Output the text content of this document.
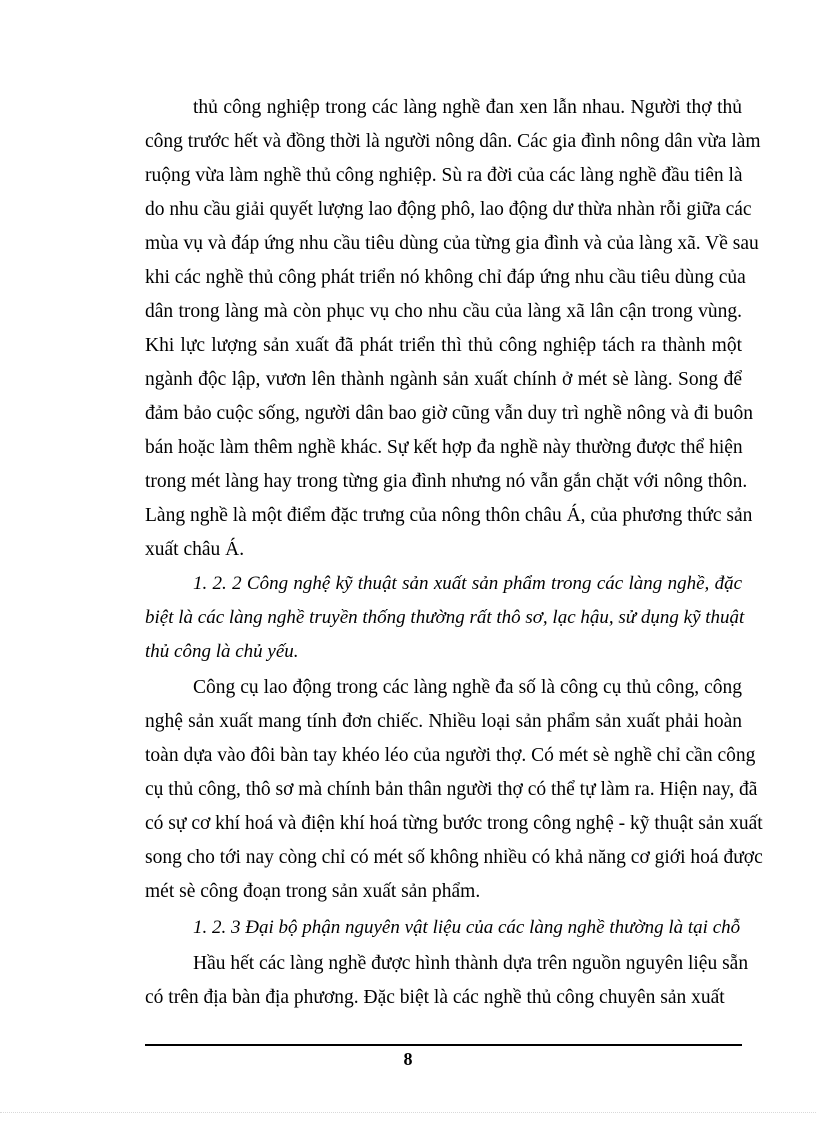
thủ công nghiệp trong các làng nghề đan xen lẫn nhau. Người thợ thủ
công trước hết và đồng thời là người nông dân. Các gia đình nông dân vừa làm
ruộng vừa làm nghề thủ công nghiệp. Sù ra đời của các làng nghề đầu tiên là
do nhu cầu giải quyết lượng lao động phô, lao động dư thừa nhàn rỗi giữa các
mùa vụ và đáp ứng nhu cầu tiêu dùng của từng gia đình và của làng xã. Về sau
khi các nghề thủ công phát triển nó không chỉ đáp ứng nhu cầu tiêu dùng của
dân trong làng mà còn phục vụ cho nhu cầu của làng xã lân cận trong vùng.
Khi lực lượng sản xuất đã phát triển thì thủ công nghiệp tách ra thành một
ngành độc lập, vươn lên thành ngành sản xuất chính ở mét sè làng. Song để
đảm bảo cuộc sống, người dân bao giờ cũng vẫn duy trì nghề nông và đi buôn
bán hoặc làm thêm nghề khác. Sự kết hợp đa nghề này thường được thể hiện
trong mét làng hay trong từng gia đình nhưng nó vẫn gắn chặt với nông thôn.
Làng nghề là một điểm đặc trưng của nông thôn châu Á, của phương thức sản
xuất châu Á.
1. 2. 2 Công nghệ kỹ thuật sản xuất sản phẩm trong các làng nghề, đặc
biệt là các làng nghề truyền thống thường rất thô sơ, lạc hậu, sử dụng kỹ thuật
thủ công là chủ yếu.
Công cụ lao động trong các làng nghề đa số là công cụ thủ công, công
nghệ sản xuất mang tính đơn chiếc. Nhiều loại sản phẩm sản xuất phải hoàn
toàn dựa vào đôi bàn tay khéo léo của người thợ. Có mét sè nghề chỉ cần công
cụ thủ công, thô sơ mà chính bản thân người thợ có thể tự làm ra. Hiện nay, đã
có sự cơ khí hoá và điện khí hoá từng bước trong công nghệ - kỹ thuật sản xuất
song cho tới nay còng chỉ có mét số không nhiều có khả năng cơ giới hoá được
mét sè công đoạn trong sản xuất sản phẩm.
1. 2. 3 Đại bộ phận nguyên vật liệu của các làng nghề thường là tại chỗ
Hầu hết các làng nghề được hình thành dựa trên nguồn nguyên liệu sẵn
có trên địa bàn địa phương. Đặc biệt là các nghề thủ công chuyên sản xuất
8
